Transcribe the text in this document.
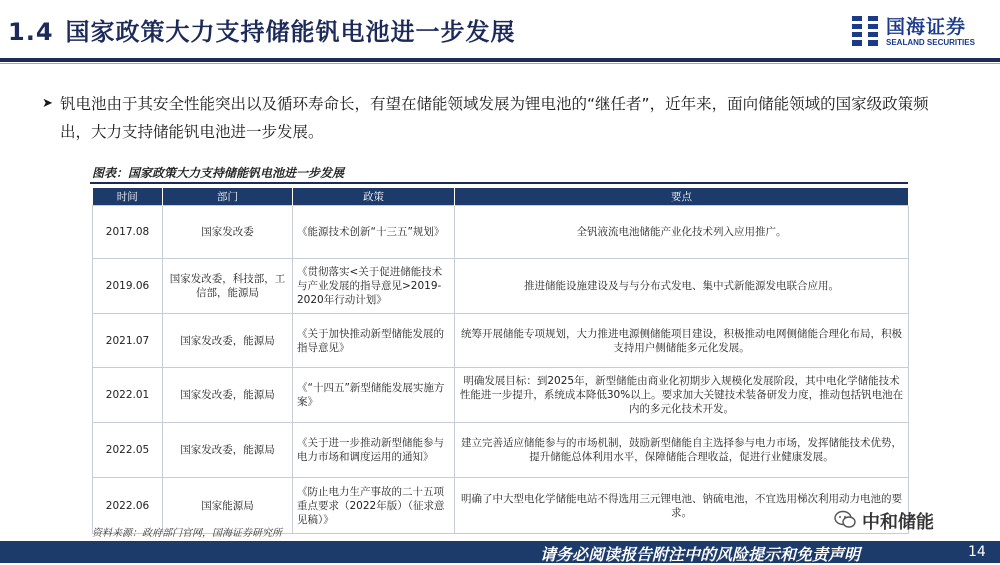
1.4 国家政策大力支持储能钒电池进一步发展	国海证券
SEALAND SECURITIES
➤ 钒电池由于其安全性能突出以及循环寿命长，有望在储能领域发展为锂电池的“继任者”，近年来，面向储能领域的国家级政策频出，大力支持储能钒电池进一步发展。
图表：国家政策大力支持储能钒电池进一步发展
时间	部门	政策	要点
2017.08	国家发改委	《能源技术创新“十三五”规划》	全钒液流电池储能产业化技术列入应用推广。
2019.06	国家发改委，科技部，工信部，能源局	《贯彻落实<关于促进储能技术与产业发展的指导意见>2019-2020年行动计划》	推进储能设施建设及与与分布式发电、集中式新能源发电联合应用。
2021.07	国家发改委，能源局	《关于加快推动新型储能发展的指导意见》	统筹开展储能专项规划，大力推进电源侧储能项目建设，积极推动电网侧储能合理化布局，积极支持用户侧储能多元化发展。
2022.01	国家发改委，能源局	《“十四五”新型储能发展实施方案》	明确发展目标：到2025年，新型储能由商业化初期步入规模化发展阶段，其中电化学储能技术性能进一步提升，系统成本降低30%以上。要求加大关键技术装备研发力度，推动包括钒电池在内的多元化技术开发。
2022.05	国家发改委，能源局	《关于进一步推动新型储能参与电力市场和调度运用的通知》	建立完善适应储能参与的市场机制，鼓励新型储能自主选择参与电力市场，发挥储能技术优势，提升储能总体利用水平，保障储能合理收益，促进行业健康发展。
2022.06	国家能源局	《防止电力生产事故的二十五项重点要求（2022年版）（征求意见稿）》	明确了中大型电化学储能电站不得选用三元锂电池、钠硫电池，不宜选用梯次利用动力电池的要求。
资料来源：政府部门官网，国海证券研究所
中和储能
请务必阅读报告附注中的风险提示和免责声明	14
